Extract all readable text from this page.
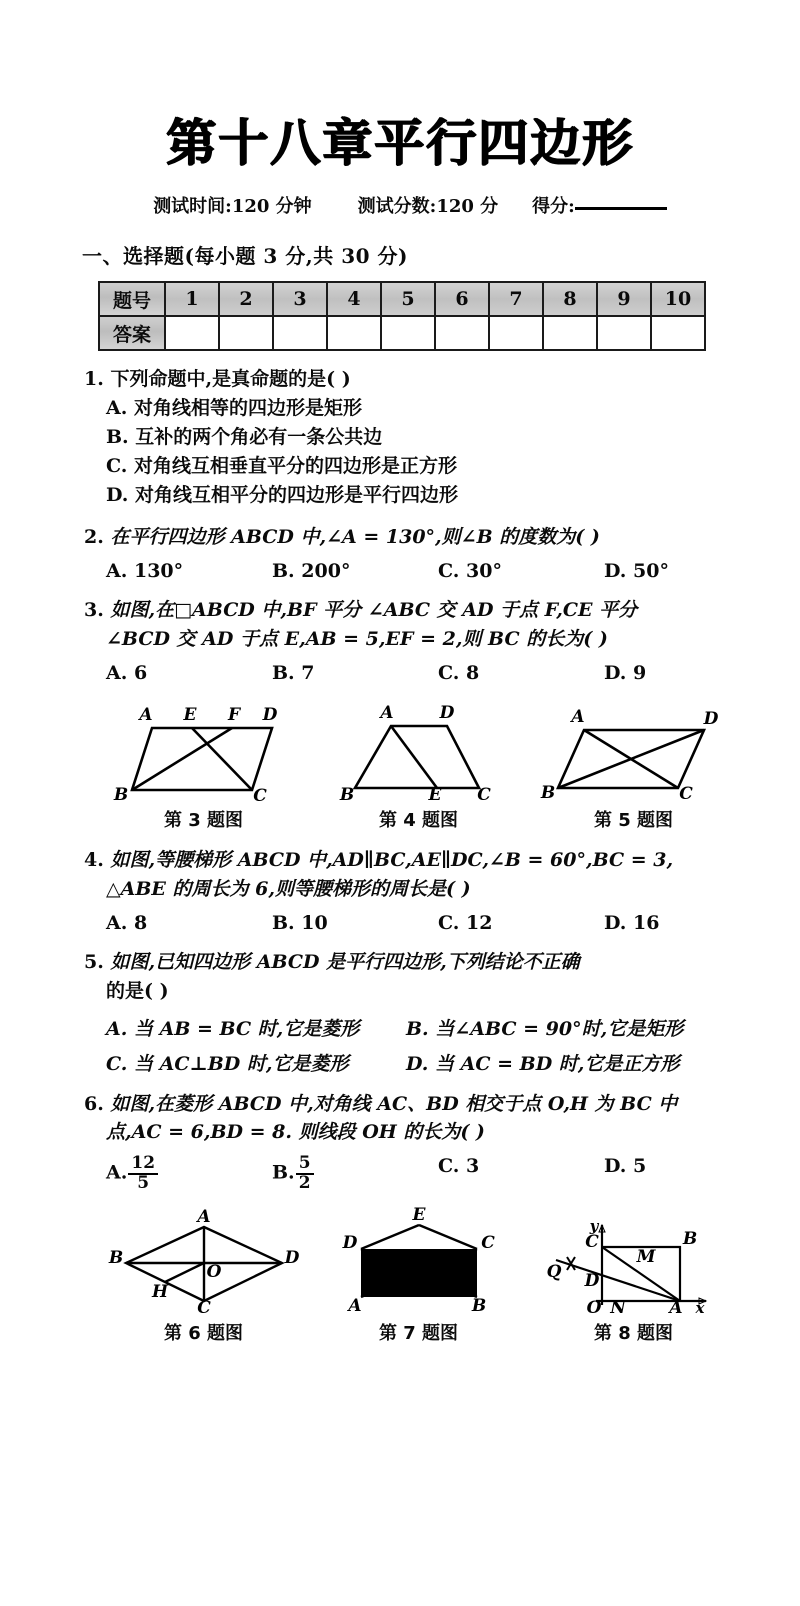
第十八章平行四边形
测试时间:120 分钟	测试分数:120 分 得分:
一、选择题(每小题 3 分,共 30 分)
题号	1	2	3	4	5	6	7	8	9	10
答案										
1. 下列命题中,是真命题的是( )
A. 对角线相等的四边形是矩形
B. 互补的两个角必有一条公共边
C. 对角线互相垂直平分的四边形是正方形
D. 对角线互相平分的四边形是平行四边形
2. 在平行四边形 ABCD 中,∠A = 130°,则∠B 的度数为( )
A. 130°	B. 200°	C. 30°	D. 50°
3. 如图,在□ABCD 中,BF 平分 ∠ABC 交 AD 于点 F,CE 平分
∠BCD 交 AD 于点 E,AB = 5,EF = 2,则 BC 的长为( )
A. 6	B. 7	C. 8	D. 9
A E F D
B	C
第 3 题图
A	D
B	E C
第 4 题图
A	D
B	C
第 5 题图
4. 如图,等腰梯形 ABCD 中,AD∥BC,AE∥DC,∠B = 60°,BC = 3,
△ABE 的周长为 6,则等腰梯形的周长是( )
A. 8	B. 10	C. 12	D. 16
5. 如图,已知四边形 ABCD 是平行四边形,下列结论不正确
的是( )
A. 当 AB = BC 时,它是菱形	B. 当∠ABC = 90°时,它是矩形
C. 当 AC⊥BD 时,它是菱形	D. 当 AC = BD 时,它是正方形
6. 如图,在菱形 ABCD 中,对角线 AC、BD 相交于点 O,H 为 BC 中
点,AC = 6,BD = 8. 则线段 OH 的长为( )
A. $\frac{12}{5}$	B. $\frac{5}{2}$	C. 3	D. 5
A
B	D
O
H
C
第 6 题图
E
D	C
O
A	B
第 7 题图
y
C	B
M
Q D
O N	A x
第 8 题图
